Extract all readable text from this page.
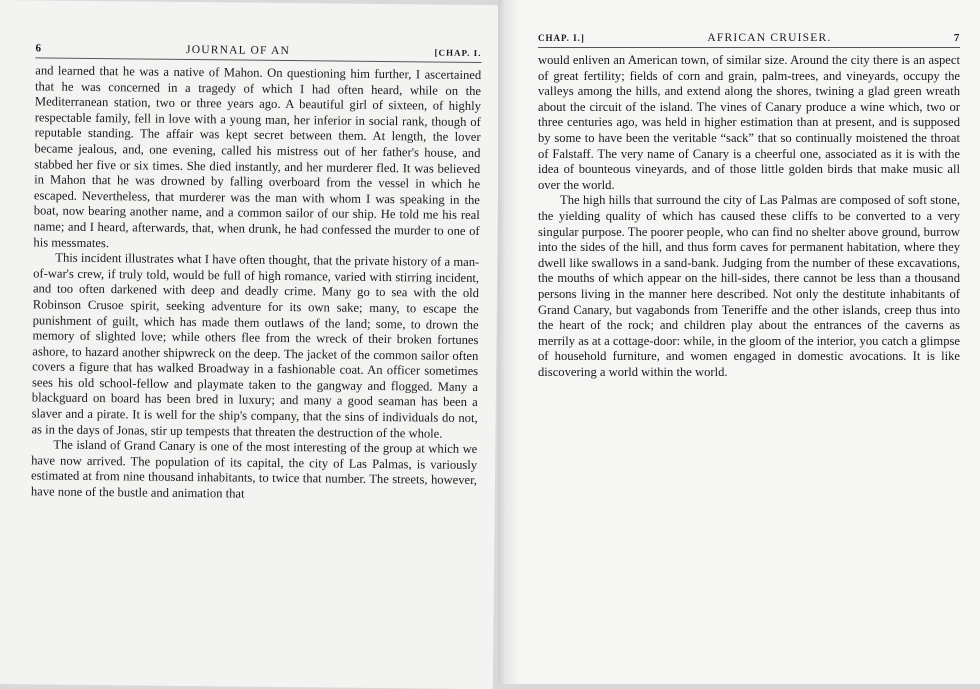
6	JOURNAL OF AN	[CHAP. I.

and learned that he was a native of Mahon. On questioning him further, I ascertained that he was concerned in a tragedy of which I had often heard, while on the Mediterranean station, two or three years ago. A beautiful girl of sixteen, of highly respectable family, fell in love with a young man, her inferior in social rank, though of reputable standing. The affair was kept secret between them. At length, the lover became jealous, and, one evening, called his mistress out of her father's house, and stabbed her five or six times. She died instantly, and her murderer fled. It was believed in Mahon that he was drowned by falling overboard from the vessel in which he escaped. Nevertheless, that murderer was the man with whom I was speaking in the boat, now bearing another name, and a common sailor of our ship. He told me his real name; and I heard, afterwards, that, when drunk, he had confessed the murder to one of his messmates.

This incident illustrates what I have often thought, that the private history of a man-of-war's crew, if truly told, would be full of high romance, varied with stirring incident, and too often darkened with deep and deadly crime. Many go to sea with the old Robinson Crusoe spirit, seeking adventure for its own sake; many, to escape the punishment of guilt, which has made them outlaws of the land; some, to drown the memory of slighted love; while others flee from the wreck of their broken fortunes ashore, to hazard another shipwreck on the deep. The jacket of the common sailor often covers a figure that has walked Broadway in a fashionable coat. An officer sometimes sees his old school-fellow and playmate taken to the gangway and flogged. Many a blackguard on board has been bred in luxury; and many a good seaman has been a slaver and a pirate. It is well for the ship's company, that the sins of individuals do not, as in the days of Jonas, stir up tempests that threaten the destruction of the whole.

The island of Grand Canary is one of the most interesting of the group at which we have now arrived. The population of its capital, the city of Las Palmas, is variously estimated at from nine thousand inhabitants, to twice that number. The streets, however, have none of the bustle and animation that

CHAP. I.]	AFRICAN CRUISER.	7

would enliven an American town, of similar size. Around the city there is an aspect of great fertility; fields of corn and grain, palm-trees, and vineyards, occupy the valleys among the hills, and extend along the shores, twining a glad green wreath about the circuit of the island. The vines of Canary produce a wine which, two or three centuries ago, was held in higher estimation than at present, and is supposed by some to have been the veritable “sack” that so continually moistened the throat of Falstaff. The very name of Canary is a cheerful one, associated as it is with the idea of bounteous vineyards, and of those little golden birds that make music all over the world.

The high hills that surround the city of Las Palmas are composed of soft stone, the yielding quality of which has caused these cliffs to be converted to a very singular purpose. The poorer people, who can find no shelter above ground, burrow into the sides of the hill, and thus form caves for permanent habitation, where they dwell like swallows in a sand-bank. Judging from the number of these excavations, the mouths of which appear on the hill-sides, there cannot be less than a thousand persons living in the manner here described. Not only the destitute inhabitants of Grand Canary, but vagabonds from Teneriffe and the other islands, creep thus into the heart of the rock; and children play about the entrances of the caverns as merrily as at a cottage-door: while, in the gloom of the interior, you catch a glimpse of household furniture, and women engaged in domestic avocations. It is like discovering a world within the world.
